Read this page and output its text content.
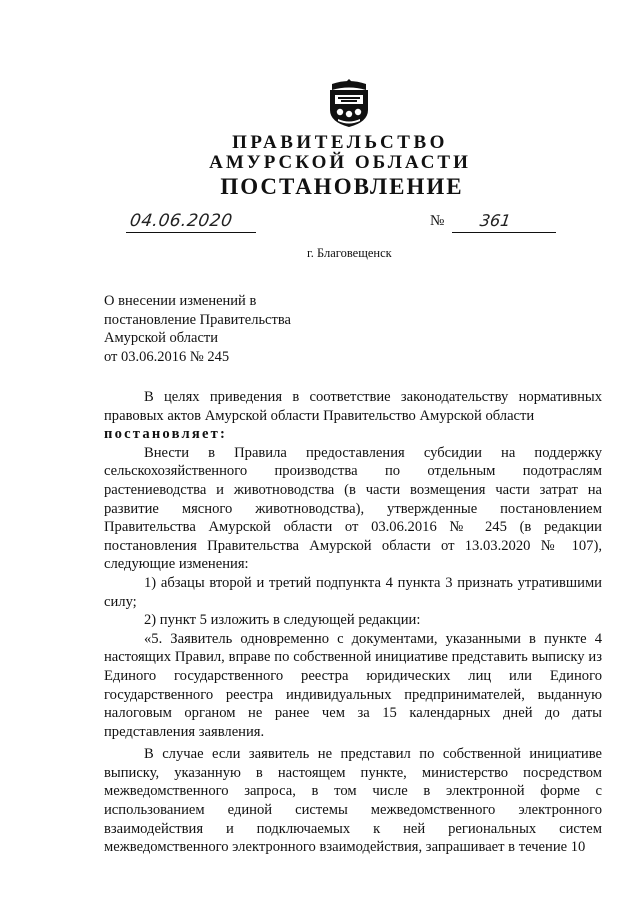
ПРАВИТЕЛЬСТВО
АМУРСКОЙ ОБЛАСТИ
ПОСТАНОВЛЕНИЕ
04.06.2020	№ 361
г. Благовещенск
О внесении изменений в
постановление Правительства
Амурской области
от 03.06.2016 № 245

В целях приведения в соответствие законодательству нормативных правовых актов Амурской области Правительство Амурской области

постановляет:

Внести в Правила предоставления субсидии на поддержку сельскохозяйственного производства по отдельным подотраслям растениеводства и животноводства (в части возмещения части затрат на развитие мясного животноводства), утвержденные постановлением Правительства Амурской области от 03.06.2016 № 245 (в редакции постановления Правительства Амурской области от 13.03.2020 № 107), следующие изменения:

1) абзацы второй и третий подпункта 4 пункта 3 признать утратившими силу;

2) пункт 5 изложить в следующей редакции:

«5. Заявитель одновременно с документами, указанными в пункте 4 настоящих Правил, вправе по собственной инициативе представить выписку из Единого государственного реестра юридических лиц или Единого государственного реестра индивидуальных предпринимателей, выданную налоговым органом не ранее чем за 15 календарных дней до даты представления заявления.

В случае если заявитель не представил по собственной инициативе выписку, указанную в настоящем пункте, министерство посредством межведомственного запроса, в том числе в электронной форме с использованием единой системы межведомственного электронного взаимодействия и подключаемых к ней региональных систем межведомственного электронного взаимодействия, запрашивает в течение 10
